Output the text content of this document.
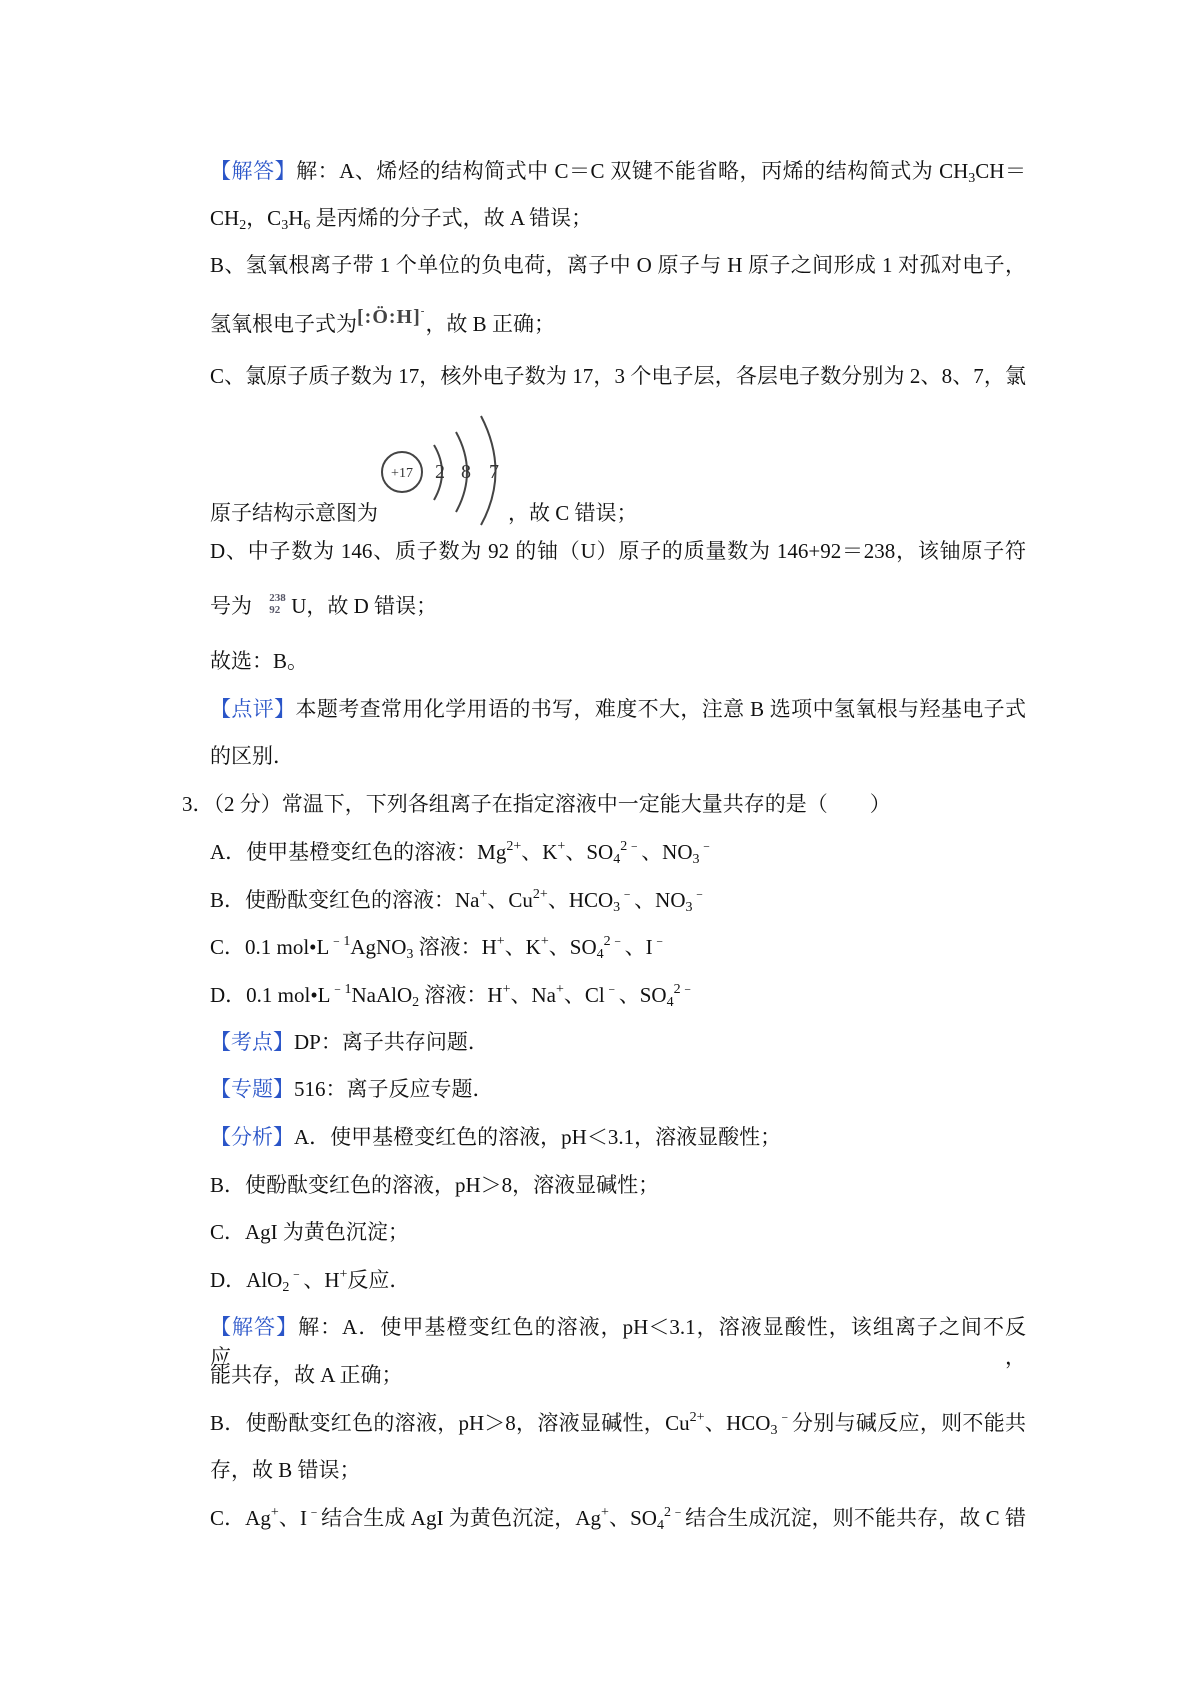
【解答】解：A、烯烃的结构简式中 C＝C 双键不能省略，丙烯的结构简式为 $CH_3CH=$
$CH_2$，$C_3H_6$ 是丙烯的分子式，故 A 错误；
B、氢氧根离子带 1 个单位的负电荷，离子中 O 原子与 H 原子之间形成 1 对孤对电子，
氢氧根电子式为[:Ö:H]-，故 B 正确；
C、氯原子质子数为 17，核外电子数为 17，3 个电子层，各层电子数分别为 2、8、7，氯
原子结构示意图为
+17 2 8 7
，故 C 错误；
D、中子数为 146、质子数为 92 的铀（U）原子的质量数为 146+92＝238，该铀原子符
号为 238
92 U，故 D 错误；
故选：B。
【点评】本题考查常用化学用语的书写，难度不大，注意 B 选项中氢氧根与羟基电子式
的区别．
3．（2 分）常温下，下列各组离子在指定溶液中一定能大量共存的是（　　）
A．使甲基橙变红色的溶液：$Mg^{2+}$、K+、$SO_4^{2﹣}$、$NO_3^﹣$
B．使酚酞变红色的溶液：Na+、$Cu^{2+}$、$HCO_3^﹣$、$NO_3^﹣$
C．0.1 $mol•L^{﹣1}AgNO_3$ 溶液：H+、K+、$SO_4^{2﹣}$、I﹣
D．0.1 $mol•L^{﹣1}NaAlO_2$ 溶液：H+、Na+、Cl﹣、$SO_4^{2﹣}$
【考点】DP：离子共存问题．
【专题】516：离子反应专题．
【分析】A．使甲基橙变红色的溶液，pH＜3.1，溶液显酸性；
B．使酚酞变红色的溶液，pH＞8，溶液显碱性；
C．AgI 为黄色沉淀；
D．AlO$_2$﹣、H+反应．
【解答】解：A．使甲基橙变红色的溶液，pH＜3.1，溶液显酸性，该组离子之间不反应，
能共存，故 A 正确；
B．使酚酞变红色的溶液，pH＞8，溶液显碱性，$Cu^{2+}$、$HCO_3^﹣$分别与碱反应，则不能共
存，故 B 错误；
C．Ag+、I﹣结合生成 AgI 为黄色沉淀，Ag+、$SO_4^{2﹣}$结合生成沉淀，则不能共存，故 C 错
